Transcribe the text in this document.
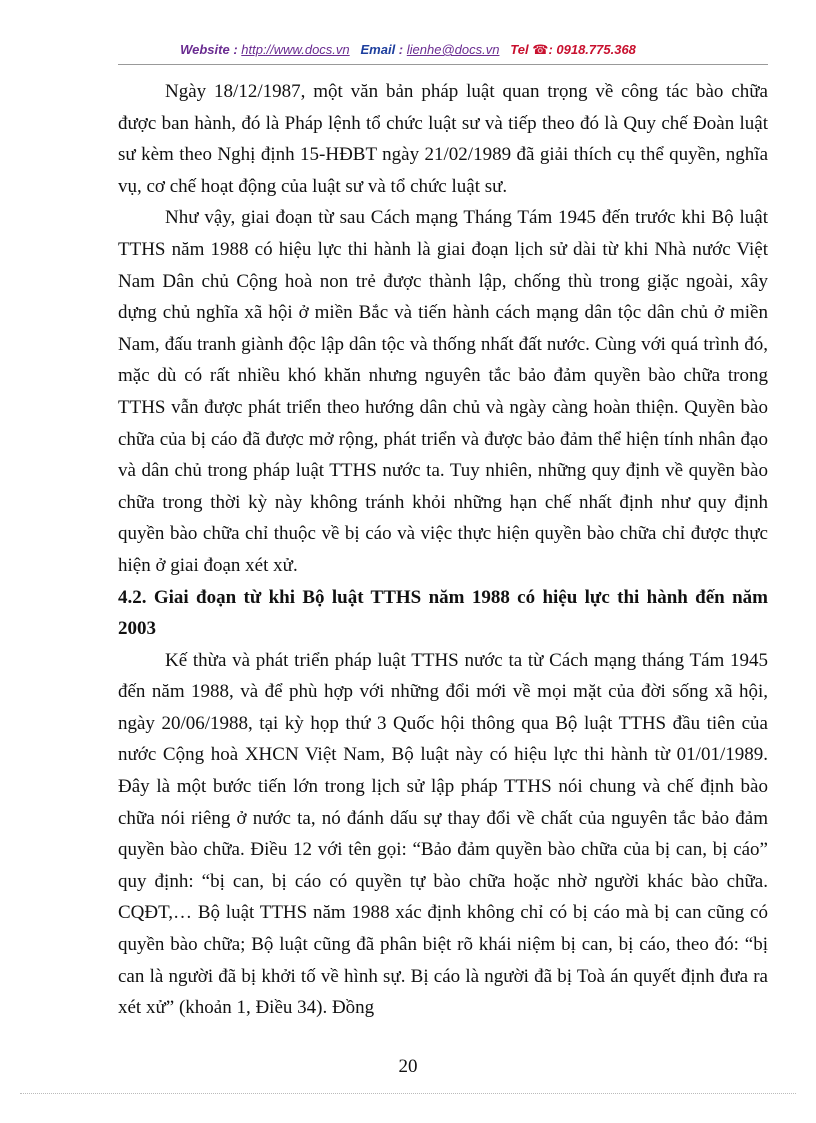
Website : http://www.docs.vn Email : lienhe@docs.vn Tel ☎: 0918.775.368

Ngày 18/12/1987, một văn bản pháp luật quan trọng về công tác bào chữa được ban hành, đó là Pháp lệnh tổ chức luật sư và tiếp theo đó là Quy chế Đoàn luật sư kèm theo Nghị định 15-HĐBT ngày 21/02/1989 đã giải thích cụ thể quyền, nghĩa vụ, cơ chế hoạt động của luật sư và tổ chức luật sư.

Như vậy, giai đoạn từ sau Cách mạng Tháng Tám 1945 đến trước khi Bộ luật TTHS năm 1988 có hiệu lực thi hành là giai đoạn lịch sử dài từ khi Nhà nước Việt Nam Dân chủ Cộng hoà non trẻ được thành lập, chống thù trong giặc ngoài, xây dựng chủ nghĩa xã hội ở miền Bắc và tiến hành cách mạng dân tộc dân chủ ở miền Nam, đấu tranh giành độc lập dân tộc và thống nhất đất nước. Cùng với quá trình đó, mặc dù có rất nhiều khó khăn nhưng nguyên tắc bảo đảm quyền bào chữa trong TTHS vẫn được phát triển theo hướng dân chủ và ngày càng hoàn thiện. Quyền bào chữa của bị cáo đã được mở rộng, phát triển và được bảo đảm thể hiện tính nhân đạo và dân chủ trong pháp luật TTHS nước ta. Tuy nhiên, những quy định về quyền bào chữa trong thời kỳ này không tránh khỏi những hạn chế nhất định như quy định quyền bào chữa chỉ thuộc về bị cáo và việc thực hiện quyền bào chữa chỉ được thực hiện ở giai đoạn xét xử.

4.2. Giai đoạn từ khi Bộ luật TTHS năm 1988 có hiệu lực thi hành đến năm 2003

Kế thừa và phát triển pháp luật TTHS nước ta từ Cách mạng tháng Tám 1945 đến năm 1988, và để phù hợp với những đổi mới về mọi mặt của đời sống xã hội, ngày 20/06/1988, tại kỳ họp thứ 3 Quốc hội thông qua Bộ luật TTHS đầu tiên của nước Cộng hoà XHCN Việt Nam, Bộ luật này có hiệu lực thi hành từ 01/01/1989. Đây là một bước tiến lớn trong lịch sử lập pháp TTHS nói chung và chế định bào chữa nói riêng ở nước ta, nó đánh dấu sự thay đổi về chất của nguyên tắc bảo đảm quyền bào chữa. Điều 12 với tên gọi: “Bảo đảm quyền bào chữa của bị can, bị cáo” quy định: “bị can, bị cáo có quyền tự bào chữa hoặc nhờ người khác bào chữa. CQĐT,… Bộ luật TTHS năm 1988 xác định không chỉ có bị cáo mà bị can cũng có quyền bào chữa; Bộ luật cũng đã phân biệt rõ khái niệm bị can, bị cáo, theo đó: “bị can là người đã bị khởi tố về hình sự. Bị cáo là người đã bị Toà án quyết định đưa ra xét xử” (khoản 1, Điều 34). Đồng

20
